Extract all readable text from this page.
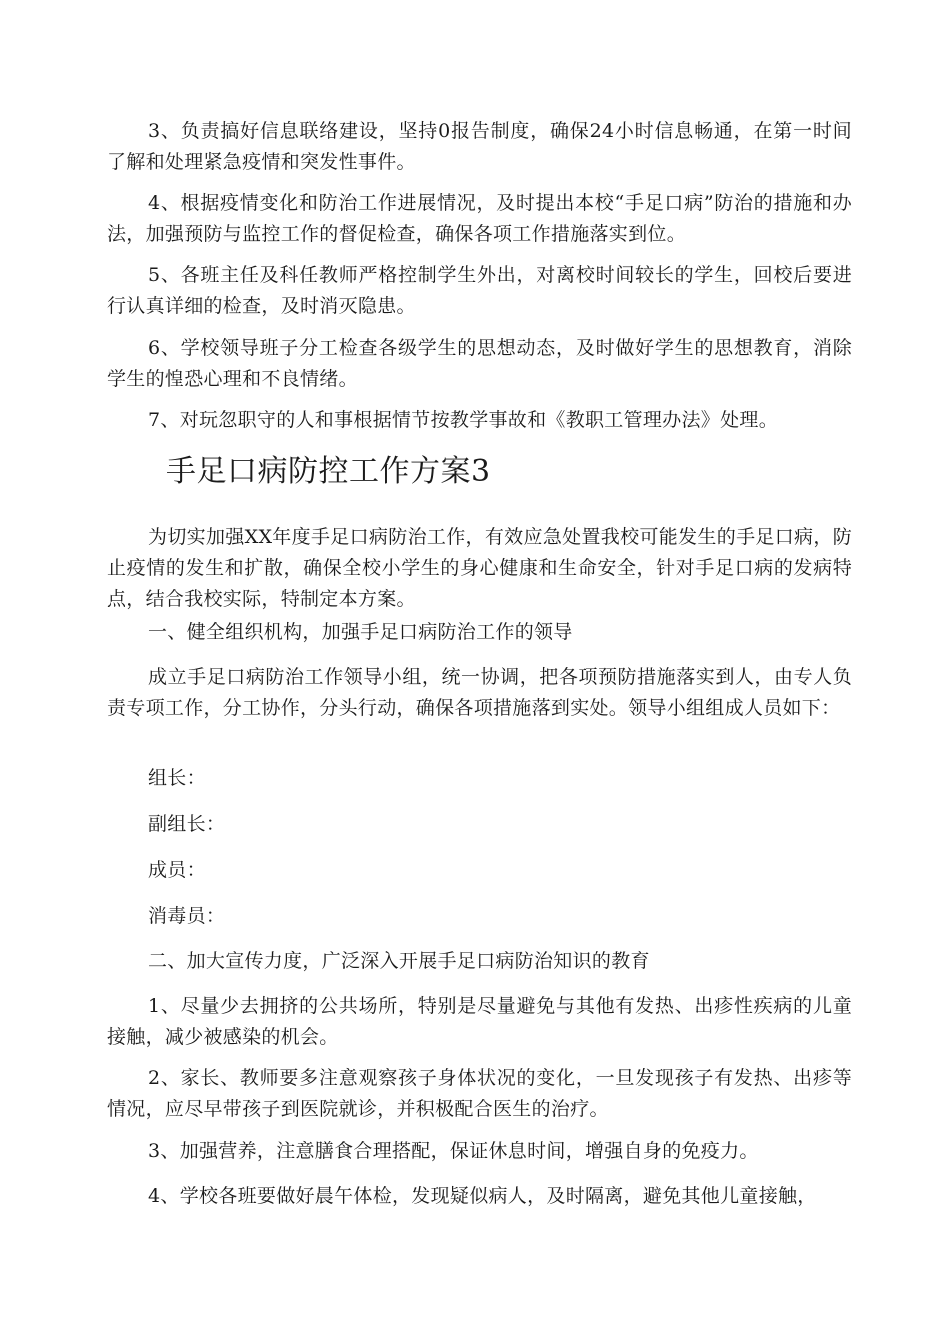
3、负责搞好信息联络建设，坚持0报告制度，确保24小时信息畅通，在第一时间了解和处理紧急疫情和突发性事件。

4、根据疫情变化和防治工作进展情况，及时提出本校“手足口病”防治的措施和办法，加强预防与监控工作的督促检查，确保各项工作措施落实到位。

5、各班主任及科任教师严格控制学生外出，对离校时间较长的学生，回校后要进行认真详细的检查，及时消灭隐患。

6、学校领导班子分工检查各级学生的思想动态，及时做好学生的思想教育，消除学生的惶恐心理和不良情绪。

7、对玩忽职守的人和事根据情节按教学事故和《教职工管理办法》处理。

手足口病防控工作方案3

为切实加强XX年度手足口病防治工作，有效应急处置我校可能发生的手足口病，防止疫情的发生和扩散，确保全校小学生的身心健康和生命安全，针对手足口病的发病特点，结合我校实际，特制定本方案。

一、健全组织机构，加强手足口病防治工作的领导

成立手足口病防治工作领导小组，统一协调，把各项预防措施落实到人，由专人负责专项工作，分工协作，分头行动，确保各项措施落到实处。领导小组组成人员如下：

组长：

副组长：

成员：

消毒员：

二、加大宣传力度，广泛深入开展手足口病防治知识的教育

1、尽量少去拥挤的公共场所，特别是尽量避免与其他有发热、出疹性疾病的儿童接触，减少被感染的机会。

2、家长、教师要多注意观察孩子身体状况的变化，一旦发现孩子有发热、出疹等情况，应尽早带孩子到医院就诊，并积极配合医生的治疗。

3、加强营养，注意膳食合理搭配，保证休息时间，增强自身的免疫力。

4、学校各班要做好晨午体检，发现疑似病人，及时隔离，避免其他儿童接触，
